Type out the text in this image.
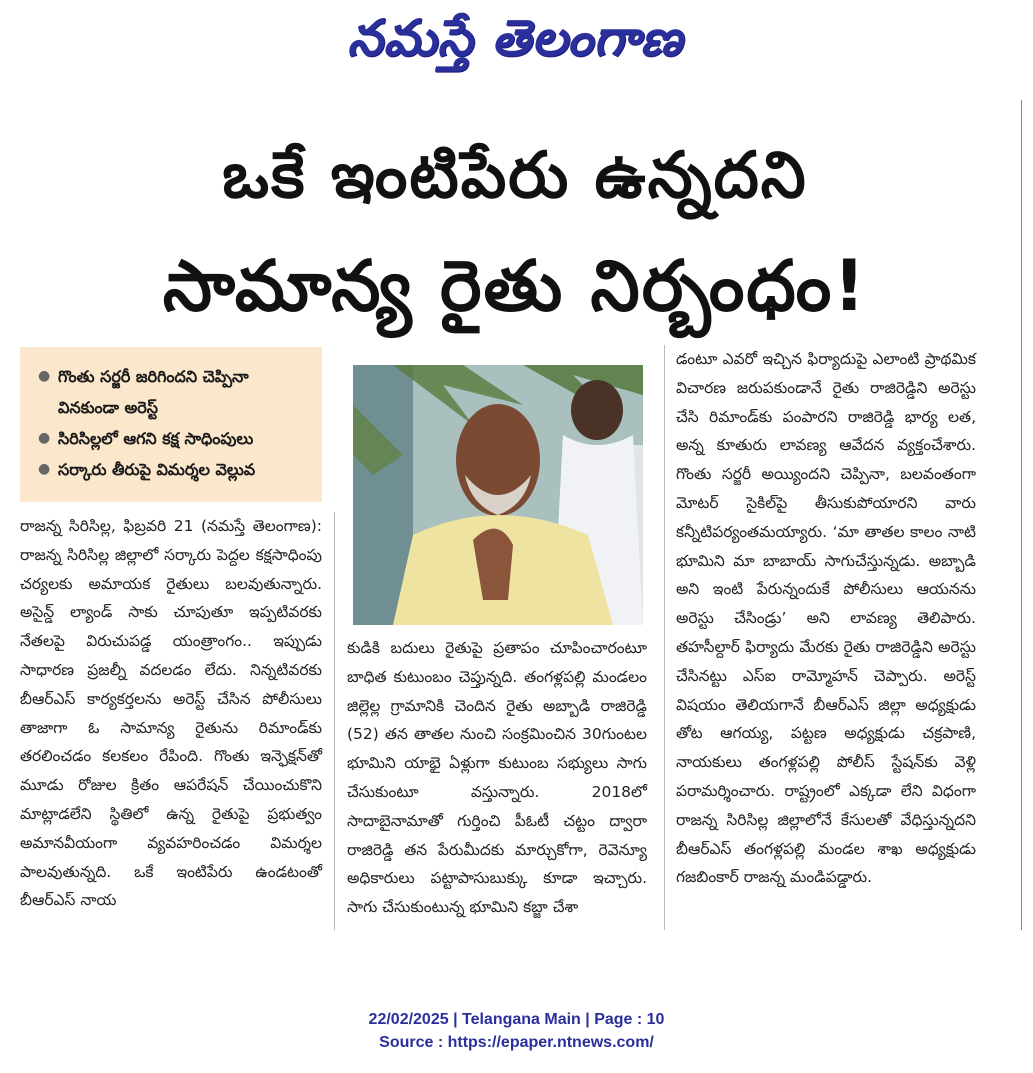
నమస్తే తెలంగాణ
ఒకే ఇంటిపేరు ఉన్నదని
సామాన్య రైతు నిర్బంధం!
● గొంతు సర్జరీ జరిగిందని చెప్పినా వినకుండా అరెస్ట్
● సిరిసిల్లలో ఆగని కక్ష సాధింపులు
● సర్కారు తీరుపై విమర్శల వెల్లువ
రాజన్న సిరిసిల్ల, ఫిబ్రవరి 21 (నమస్తే తెలంగాణ): రాజన్న సిరిసిల్ల జిల్లాలో సర్కారు పెద్దల కక్షసాధింపు చర్యలకు అమాయక రైతులు బలవుతున్నారు. అసైన్డ్ ల్యాండ్ సాకు చూపుతూ ఇప్పటివరకు నేతలపై విరుచుపడ్డ యంత్రాంగం.. ఇప్పుడు సాధారణ ప్రజల్నీ వదలడం లేదు. నిన్నటివరకు బీఆర్ఎస్ కార్యకర్తలను అరెస్ట్ చేసిన పోలీసులు తాజాగా ఓ సామాన్య రైతును రిమాండ్‌కు తరలించడం కలకలం రేపింది. గొంతు ఇన్ఫెక్షన్‌తో మూడు రోజుల క్రితం ఆపరేషన్ చేయించుకొని మాట్లాడలేని స్థితిలో ఉన్న రైతుపై ప్రభుత్వం అమానవీయంగా వ్యవహరించడం విమర్శల పాలవుతున్నది. ఒకే ఇంటిపేరు ఉండటంతో బీఆర్ఎస్ నాయ
కుడికి బదులు రైతుపై ప్రతాపం చూపించారంటూ బాధిత కుటుంబం చెప్తున్నది. తంగళ్లపల్లి మండలం జిల్లెల్ల గ్రామానికి చెందిన రైతు అబ్బాడి రాజిరెడ్డి (52) తన తాతల నుంచి సంక్రమించిన 30గుంటల భూమిని యాభై ఏళ్లుగా కుటుంబ సభ్యులు సాగు చేసుకుంటూ వస్తున్నారు. 2018లో సాదాబైనామాతో గుర్తించి పీఓటీ చట్టం ద్వారా రాజిరెడ్డి తన పేరుమీదకు మార్చుకోగా, రెవెన్యూ అధికారులు పట్టాపాసుబుక్కు కూడా ఇచ్చారు. సాగు చేసుకుంటున్న భూమిని కబ్జా చేశా
డంటూ ఎవరో ఇచ్చిన ఫిర్యాదుపై ఎలాంటి ప్రాథమిక విచారణ జరుపకుండానే రైతు రాజిరెడ్డిని అరెస్టు చేసి రిమాండ్‌కు పంపారని రాజిరెడ్డి భార్య లత, అన్న కూతురు లావణ్య ఆవేదన వ్యక్తంచేశారు. గొంతు సర్జరీ అయ్యిందని చెప్పినా, బలవంతంగా మోటర్ సైకిల్‌పై తీసుకుపోయారని వారు కన్నీటిపర్యంతమయ్యారు. ‘మా తాతల కాలం నాటి భూమిని మా బాబాయ్ సాగుచేస్తున్నడు. అబ్బాడి అని ఇంటి పేరున్నందుకే పోలీసులు ఆయనను అరెస్టు చేసిండ్రు’ అని లావణ్య తెలిపారు. తహసీల్దార్ ఫిర్యాదు మేరకు రైతు రాజిరెడ్డిని అరెస్టు చేసినట్టు ఎస్ఐ రామ్మోహన్ చెప్పారు. అరెస్ట్ విషయం తెలియగానే బీఆర్ఎస్ జిల్లా అధ్యక్షుడు తోట ఆగయ్య, పట్టణ అధ్యక్షుడు చక్రపాణి, నాయకులు తంగళ్లపల్లి పోలీస్ స్టేషన్‌కు వెళ్లి పరామర్శించారు. రాష్ట్రంలో ఎక్కడా లేని విధంగా రాజన్న సిరిసిల్ల జిల్లాలోనే కేసులతో వేధిస్తున్నదని బీఆర్ఎస్ తంగళ్లపల్లి మండల శాఖ అధ్యక్షుడు గజబింకార్ రాజన్న మండిపడ్డారు.
22/02/2025 | Telangana Main | Page : 10
Source : https://epaper.ntnews.com/
